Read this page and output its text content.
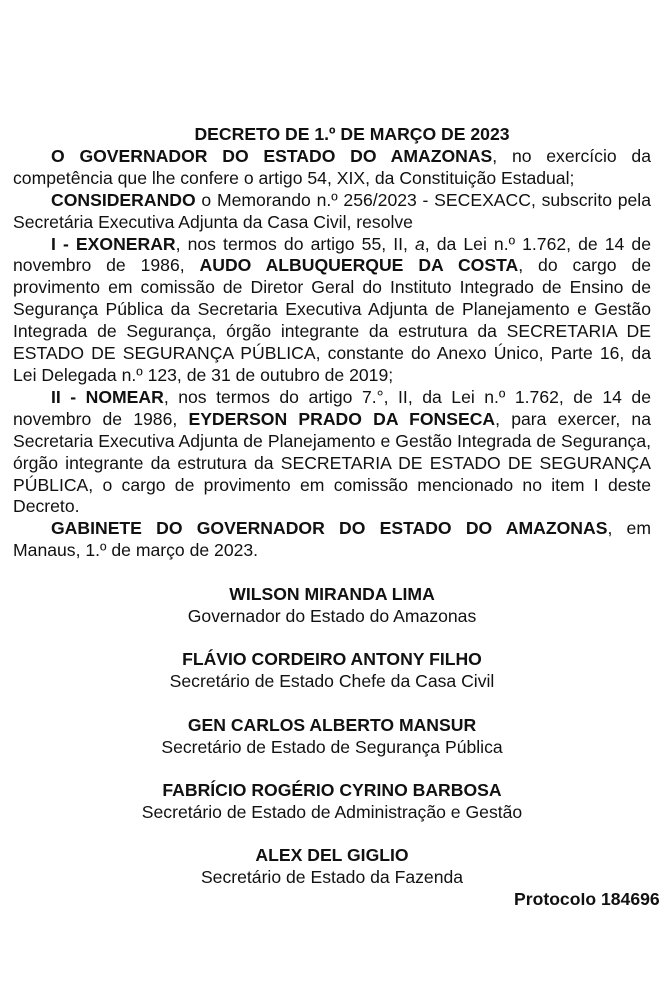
DECRETO DE 1.º DE MARÇO DE 2023

O GOVERNADOR DO ESTADO DO AMAZONAS, no exercício da competência que lhe confere o artigo 54, XIX, da Constituição Estadual;

CONSIDERANDO o Memorando n.º 256/2023 - SECEXACC, subscrito pela Secretária Executiva Adjunta da Casa Civil, resolve

I - EXONERAR, nos termos do artigo 55, II, a, da Lei n.º 1.762, de 14 de novembro de 1986, AUDO ALBUQUERQUE DA COSTA, do cargo de provimento em comissão de Diretor Geral do Instituto Integrado de Ensino de Segurança Pública da Secretaria Executiva Adjunta de Planejamento e Gestão Integrada de Segurança, órgão integrante da estrutura da SECRETARIA DE ESTADO DE SEGURANÇA PÚBLICA, constante do Anexo Único, Parte 16, da Lei Delegada n.º 123, de 31 de outubro de 2019;

II - NOMEAR, nos termos do artigo 7.°, II, da Lei n.º 1.762, de 14 de novembro de 1986, EYDERSON PRADO DA FONSECA, para exercer, na Secretaria Executiva Adjunta de Planejamento e Gestão Integrada de Segurança, órgão integrante da estrutura da SECRETARIA DE ESTADO DE SEGURANÇA PÚBLICA, o cargo de provimento em comissão mencionado no item I deste Decreto.

GABINETE DO GOVERNADOR DO ESTADO DO AMAZONAS, em Manaus, 1.º de março de 2023.

WILSON MIRANDA LIMA
Governador do Estado do Amazonas
FLÁVIO CORDEIRO ANTONY FILHO
Secretário de Estado Chefe da Casa Civil
GEN CARLOS ALBERTO MANSUR
Secretário de Estado de Segurança Pública
FABRÍCIO ROGÉRIO CYRINO BARBOSA
Secretário de Estado de Administração e Gestão
ALEX DEL GIGLIO
Secretário de Estado da Fazenda
Protocolo 184696
